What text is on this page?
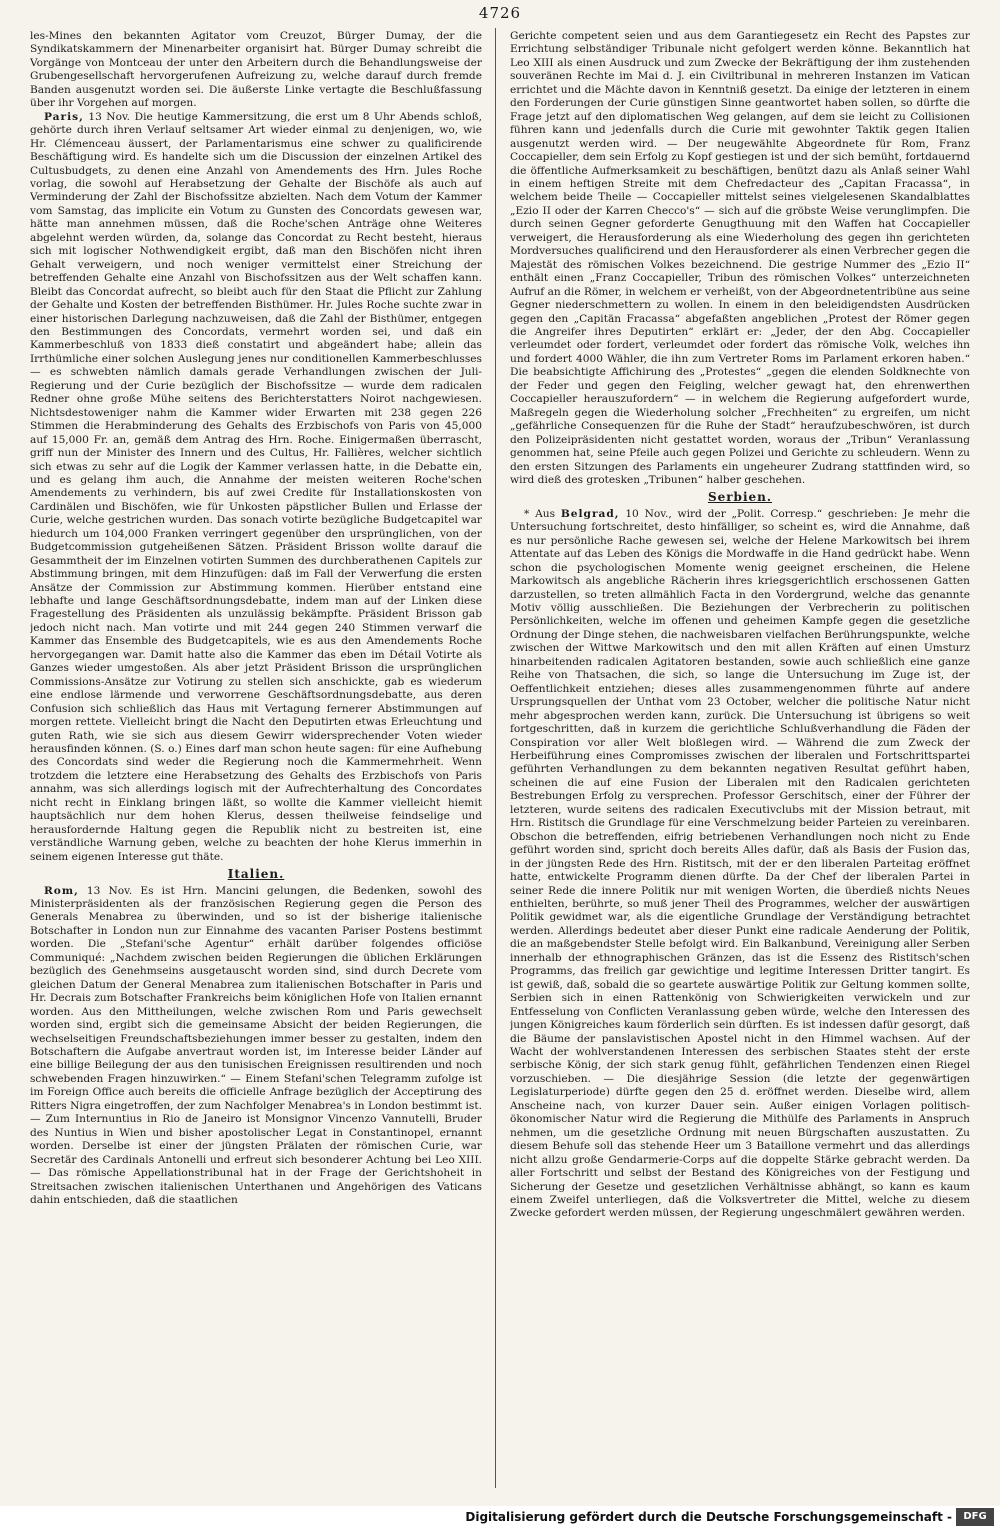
4726

les-Mines den bekannten Agitator vom Creuzot, Bürger Dumay, der die Syndikatskammern der Minenarbeiter organisirt hat. Bürger Dumay schreibt die Vorgänge von Montceau der unter den Arbeitern durch die Behandlungsweise der Grubengesellschaft hervorgerufenen Aufreizung zu, welche darauf durch fremde Banden ausgenutzt worden sei. Die äußerste Linke vertagte die Beschlußfassung über ihr Vorgehen auf morgen.

Paris, 13 Nov. Die heutige Kammersitzung, die erst um 8 Uhr Abends schloß, gehörte durch ihren Verlauf seltsamer Art wieder einmal zu denjenigen, wo, wie Hr. Clémenceau äussert, der Parlamentarismus eine schwer zu qualificirende Beschäftigung wird. Es handelte sich um die Discussion der einzelnen Artikel des Cultusbudgets, zu denen eine Anzahl von Amendements des Hrn. Jules Roche vorlag, die sowohl auf Herabsetzung der Gehalte der Bischöfe als auch auf Verminderung der Zahl der Bischofssitze abzielten. Nach dem Votum der Kammer vom Samstag, das implicite ein Votum zu Gunsten des Concordats gewesen war, hätte man annehmen müssen, daß die Roche'schen Anträge ohne Weiteres abgelehnt werden würden, da, solange das Concordat zu Recht besteht, hieraus sich mit logischer Nothwendigkeit ergibt, daß man den Bischöfen nicht ihren Gehalt verweigern, und noch weniger vermittelst einer Streichung der betreffenden Gehalte eine Anzahl von Bischofssitzen aus der Welt schaffen kann. Bleibt das Concordat aufrecht, so bleibt auch für den Staat die Pflicht zur Zahlung der Gehalte und Kosten der betreffenden Bisthümer. Hr. Jules Roche suchte zwar in einer historischen Darlegung nachzuweisen, daß die Zahl der Bisthümer, entgegen den Bestimmungen des Concordats, vermehrt worden sei, und daß ein Kammerbeschluß von 1833 dieß constatirt und abgeändert habe; allein das Irrthümliche einer solchen Auslegung jenes nur conditionellen Kammerbeschlusses — es schwebten nämlich damals gerade Verhandlungen zwischen der Juli-Regierung und der Curie bezüglich der Bischofssitze — wurde dem radicalen Redner ohne große Mühe seitens des Berichterstatters Noirot nachgewiesen. Nichtsdestoweniger nahm die Kammer wider Erwarten mit 238 gegen 226 Stimmen die Herabminderung des Gehalts des Erzbischofs von Paris von 45,000 auf 15,000 Fr. an, gemäß dem Antrag des Hrn. Roche. Einigermaßen überrascht, griff nun der Minister des Innern und des Cultus, Hr. Fallières, welcher sichtlich sich etwas zu sehr auf die Logik der Kammer verlassen hatte, in die Debatte ein, und es gelang ihm auch, die Annahme der meisten weiteren Roche'schen Amendements zu verhindern, bis auf zwei Credite für Installationskosten von Cardinälen und Bischöfen, wie für Unkosten päpstlicher Bullen und Erlasse der Curie, welche gestrichen wurden. Das sonach votirte bezügliche Budgetcapitel war hiedurch um 104,000 Franken verringert gegenüber den ursprünglichen, von der Budgetcommission gutgeheißenen Sätzen. Präsident Brisson wollte darauf die Gesammtheit der im Einzelnen votirten Summen des durchberathenen Capitels zur Abstimmung bringen, mit dem Hinzufügen: daß im Fall der Verwerfung die ersten Ansätze der Commission zur Abstimmung kommen. Hierüber entstand eine lebhafte und lange Geschäftsordnungsdebatte, indem man auf der Linken diese Fragestellung des Präsidenten als unzulässig bekämpfte. Präsident Brisson gab jedoch nicht nach. Man votirte und mit 244 gegen 240 Stimmen verwarf die Kammer das Ensemble des Budgetcapitels, wie es aus den Amendements Roche hervorgegangen war. Damit hatte also die Kammer das eben im Détail Votirte als Ganzes wieder umgestoßen. Als aber jetzt Präsident Brisson die ursprünglichen Commissions-Ansätze zur Votirung zu stellen sich anschickte, gab es wiederum eine endlose lärmende und verworrene Geschäftsordnungsdebatte, aus deren Confusion sich schließlich das Haus mit Vertagung fernerer Abstimmungen auf morgen rettete. Vielleicht bringt die Nacht den Deputirten etwas Erleuchtung und guten Rath, wie sie sich aus diesem Gewirr widersprechender Voten wieder herausfinden können. (S. o.) Eines darf man schon heute sagen: für eine Aufhebung des Concordats sind weder die Regierung noch die Kammermehrheit. Wenn trotzdem die letztere eine Herabsetzung des Gehalts des Erzbischofs von Paris annahm, was sich allerdings logisch mit der Aufrechterhaltung des Concordates nicht recht in Einklang bringen läßt, so wollte die Kammer vielleicht hiemit hauptsächlich nur dem hohen Klerus, dessen theilweise feindselige und herausfordernde Haltung gegen die Republik nicht zu bestreiten ist, eine verständliche Warnung geben, welche zu beachten der hohe Klerus immerhin in seinem eigenen Interesse gut thäte.

Italien.

Rom, 13 Nov. Es ist Hrn. Mancini gelungen, die Bedenken, sowohl des Ministerpräsidenten als der französischen Regierung gegen die Person des Generals Menabrea zu überwinden, und so ist der bisherige italienische Botschafter in London nun zur Einnahme des vacanten Pariser Postens bestimmt worden. Die „Stefani'sche Agentur“ erhält darüber folgendes officiöse Communiqué: „Nachdem zwischen beiden Regierungen die üblichen Erklärungen bezüglich des Genehmseins ausgetauscht worden sind, sind durch Decrete vom gleichen Datum der General Menabrea zum italienischen Botschafter in Paris und Hr. Decrais zum Botschafter Frankreichs beim königlichen Hofe von Italien ernannt worden. Aus den Mittheilungen, welche zwischen Rom und Paris gewechselt worden sind, ergibt sich die gemeinsame Absicht der beiden Regierungen, die wechselseitigen Freundschaftsbeziehungen immer besser zu gestalten, indem den Botschaftern die Aufgabe anvertraut worden ist, im Interesse beider Länder auf eine billige Beilegung der aus den tunisischen Ereignissen resultirenden und noch schwebenden Fragen hinzuwirken.“ — Einem Stefani'schen Telegramm zufolge ist im Foreign Office auch bereits die officielle Anfrage bezüglich der Acceptirung des Ritters Nigra eingetroffen, der zum Nachfolger Menabrea's in London bestimmt ist. — Zum Internuntius in Rio de Janeiro ist Monsignor Vincenzo Vannutelli, Bruder des Nuntius in Wien und bisher apostolischer Legat in Constantinopel, ernannt worden. Derselbe ist einer der jüngsten Prälaten der römischen Curie, war Secretär des Cardinals Antonelli und erfreut sich besonderer Achtung bei Leo XIII. — Das römische Appellationstribunal hat in der Frage der Gerichtshoheit in Streitsachen zwischen italienischen Unterthanen und Angehörigen des Vaticans dahin entschieden, daß die staatlichen

Gerichte competent seien und aus dem Garantiegesetz ein Recht des Papstes zur Errichtung selbständiger Tribunale nicht gefolgert werden könne. Bekanntlich hat Leo XIII als einen Ausdruck und zum Zwecke der Bekräftigung der ihm zustehenden souveränen Rechte im Mai d. J. ein Civiltribunal in mehreren Instanzen im Vatican errichtet und die Mächte davon in Kenntniß gesetzt. Da einige der letzteren in einem den Forderungen der Curie günstigen Sinne geantwortet haben sollen, so dürfte die Frage jetzt auf den diplomatischen Weg gelangen, auf dem sie leicht zu Collisionen führen kann und jedenfalls durch die Curie mit gewohnter Taktik gegen Italien ausgenutzt werden wird. — Der neugewählte Abgeordnete für Rom, Franz Coccapieller, dem sein Erfolg zu Kopf gestiegen ist und der sich bemüht, fortdauernd die öffentliche Aufmerksamkeit zu beschäftigen, benützt dazu als Anlaß seiner Wahl in einem heftigen Streite mit dem Chefredacteur des „Capitan Fracassa“, in welchem beide Theile — Coccapieller mittelst seines vielgelesenen Skandalblattes „Ezio II oder der Karren Checco's“ — sich auf die gröbste Weise verunglimpfen. Die durch seinen Gegner geforderte Genugthuung mit den Waffen hat Coccapieller verweigert, die Herausforderung als eine Wiederholung des gegen ihn gerichteten Mordversuches qualificirend und den Herausforderer als einen Verbrecher gegen die Majestät des römischen Volkes bezeichnend. Die gestrige Nummer des „Ezio II“ enthält einen „Franz Coccapieller, Tribun des römischen Volkes“ unterzeichneten Aufruf an die Römer, in welchem er verheißt, von der Abgeordnetentribüne aus seine Gegner niederschmettern zu wollen. In einem in den beleidigendsten Ausdrücken gegen den „Capitän Fracassa“ abgefaßten angeblichen „Protest der Römer gegen die Angreifer ihres Deputirten“ erklärt er: „Jeder, der den Abg. Coccapieller verleumdet oder fordert, verleumdet oder fordert das römische Volk, welches ihn und fordert 4000 Wähler, die ihn zum Vertreter Roms im Parlament erkoren haben.“ Die beabsichtigte Affichirung des „Protestes“ „gegen die elenden Soldknechte von der Feder und gegen den Feigling, welcher gewagt hat, den ehrenwerthen Coccapieller herauszufordern“ — in welchem die Regierung aufgefordert wurde, Maßregeln gegen die Wiederholung solcher „Frechheiten“ zu ergreifen, um nicht „gefährliche Consequenzen für die Ruhe der Stadt“ heraufzubeschwören, ist durch den Polizeipräsidenten nicht gestattet worden, woraus der „Tribun“ Veranlassung genommen hat, seine Pfeile auch gegen Polizei und Gerichte zu schleudern. Wenn zu den ersten Sitzungen des Parlaments ein ungeheurer Zudrang stattfinden wird, so wird dieß des grotesken „Tribunen“ halber geschehen.

Serbien.

* Aus Belgrad, 10 Nov., wird der „Polit. Corresp.“ geschrieben: Je mehr die Untersuchung fortschreitet, desto hinfälliger, so scheint es, wird die Annahme, daß es nur persönliche Rache gewesen sei, welche der Helene Markowitsch bei ihrem Attentate auf das Leben des Königs die Mordwaffe in die Hand gedrückt habe. Wenn schon die psychologischen Momente wenig geeignet erscheinen, die Helene Markowitsch als angebliche Rächerin ihres kriegsgerichtlich erschossenen Gatten darzustellen, so treten allmählich Facta in den Vordergrund, welche das genannte Motiv völlig ausschließen. Die Beziehungen der Verbrecherin zu politischen Persönlichkeiten, welche im offenen und geheimen Kampfe gegen die gesetzliche Ordnung der Dinge stehen, die nachweisbaren vielfachen Berührungspunkte, welche zwischen der Wittwe Markowitsch und den mit allen Kräften auf einen Umsturz hinarbeitenden radicalen Agitatoren bestanden, sowie auch schließlich eine ganze Reihe von Thatsachen, die sich, so lange die Untersuchung im Zuge ist, der Oeffentlichkeit entziehen; dieses alles zusammengenommen führte auf andere Ursprungsquellen der Unthat vom 23 October, welcher die politische Natur nicht mehr abgesprochen werden kann, zurück. Die Untersuchung ist übrigens so weit fortgeschritten, daß in kurzem die gerichtliche Schlußverhandlung die Fäden der Conspiration vor aller Welt bloßlegen wird. — Während die zum Zweck der Herbeiführung eines Compromisses zwischen der liberalen und Fortschrittspartei geführten Verhandlungen zu dem bekannten negativen Resultat geführt haben, scheinen die auf eine Fusion der Liberalen mit den Radicalen gerichteten Bestrebungen Erfolg zu versprechen. Professor Gerschitsch, einer der Führer der letzteren, wurde seitens des radicalen Executivclubs mit der Mission betraut, mit Hrn. Ristitsch die Grundlage für eine Verschmelzung beider Parteien zu vereinbaren. Obschon die betreffenden, eifrig betriebenen Verhandlungen noch nicht zu Ende geführt worden sind, spricht doch bereits Alles dafür, daß als Basis der Fusion das, in der jüngsten Rede des Hrn. Ristitsch, mit der er den liberalen Parteitag eröffnet hatte, entwickelte Programm dienen dürfte. Da der Chef der liberalen Partei in seiner Rede die innere Politik nur mit wenigen Worten, die überdieß nichts Neues enthielten, berührte, so muß jener Theil des Programmes, welcher der auswärtigen Politik gewidmet war, als die eigentliche Grundlage der Verständigung betrachtet werden. Allerdings bedeutet aber dieser Punkt eine radicale Aenderung der Politik, die an maßgebendster Stelle befolgt wird. Ein Balkanbund, Vereinigung aller Serben innerhalb der ethnographischen Gränzen, das ist die Essenz des Ristitsch'schen Programms, das freilich gar gewichtige und legitime Interessen Dritter tangirt. Es ist gewiß, daß, sobald die so geartete auswärtige Politik zur Geltung kommen sollte, Serbien sich in einen Rattenkönig von Schwierigkeiten verwickeln und zur Entfesselung von Conflicten Veranlassung geben würde, welche den Interessen des jungen Königreiches kaum förderlich sein dürften. Es ist indessen dafür gesorgt, daß die Bäume der panslavistischen Apostel nicht in den Himmel wachsen. Auf der Wacht der wohlverstandenen Interessen des serbischen Staates steht der erste serbische König, der sich stark genug fühlt, gefährlichen Tendenzen einen Riegel vorzuschieben. — Die diesjährige Session (die letzte der gegenwärtigen Legislaturperiode) dürfte gegen den 25 d. eröffnet werden. Dieselbe wird, allem Anscheine nach, von kurzer Dauer sein. Außer einigen Vorlagen politisch-ökonomischer Natur wird die Regierung die Mithülfe des Parlaments in Anspruch nehmen, um die gesetzliche Ordnung mit neuen Bürgschaften auszustatten. Zu diesem Behufe soll das stehende Heer um 3 Bataillone vermehrt und das allerdings nicht allzu große Gendarmerie-Corps auf die doppelte Stärke gebracht werden. Da aller Fortschritt und selbst der Bestand des Königreiches von der Festigung und Sicherung der Gesetze und gesetzlichen Verhältnisse abhängt, so kann es kaum einem Zweifel unterliegen, daß die Volksvertreter die Mittel, welche zu diesem Zwecke gefordert werden müssen, der Regierung ungeschmälert gewähren werden.

Digitalisierung gefördert durch die Deutsche Forschungsgemeinschaft -	DFG
